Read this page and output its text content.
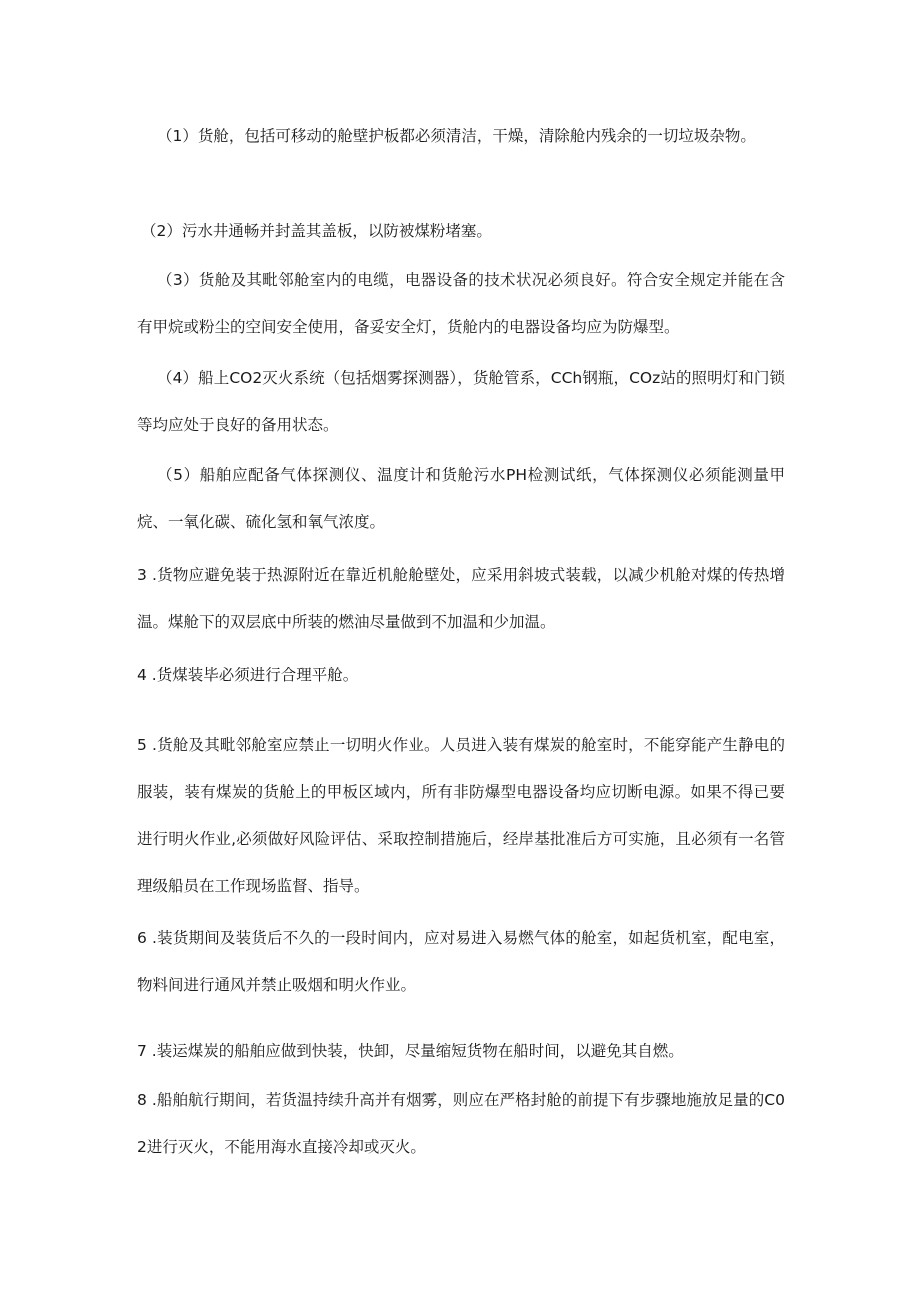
（1）货舱，包括可移动的舱壁护板都必须清洁，干燥，清除舱内残余的一切垃圾杂物。

（2）污水井通畅并封盖其盖板，以防被煤粉堵塞。

（3）货舱及其毗邻舱室内的电缆，电器设备的技术状况必须良好。符合安全规定并能在含有甲烷或粉尘的空间安全使用，备妥安全灯，货舱内的电器设备均应为防爆型。

（4）船上CO2灭火系统（包括烟雾探测器），货舱管系，CCh钢瓶，COz站的照明灯和门锁等均应处于良好的备用状态。

（5）船舶应配备气体探测仪、温度计和货舱污水PH检测试纸，气体探测仪必须能测量甲烷、一氧化碳、硫化氢和氧气浓度。

3 .货物应避免装于热源附近在靠近机舱舱壁处，应采用斜坡式装载，以减少机舱对煤的传热增温。煤舱下的双层底中所装的燃油尽量做到不加温和少加温。

4 .货煤装毕必须进行合理平舱。

5 .货舱及其毗邻舱室应禁止一切明火作业。人员进入装有煤炭的舱室时，不能穿能产生静电的服装，装有煤炭的货舱上的甲板区域内，所有非防爆型电器设备均应切断电源。如果不得已要进行明火作业,必须做好风险评估、采取控制措施后，经岸基批准后方可实施，且必须有一名管理级船员在工作现场监督、指导。

6 .装货期间及装货后不久的一段时间内，应对易进入易燃气体的舱室，如起货机室，配电室，物料间进行通风并禁止吸烟和明火作业。

7 .装运煤炭的船舶应做到快装，快卸，尽量缩短货物在船时间，以避免其自燃。

8 .船舶航行期间，若货温持续升高并有烟雾，则应在严格封舱的前提下有步骤地施放足量的C02进行灭火，不能用海水直接冷却或灭火。
